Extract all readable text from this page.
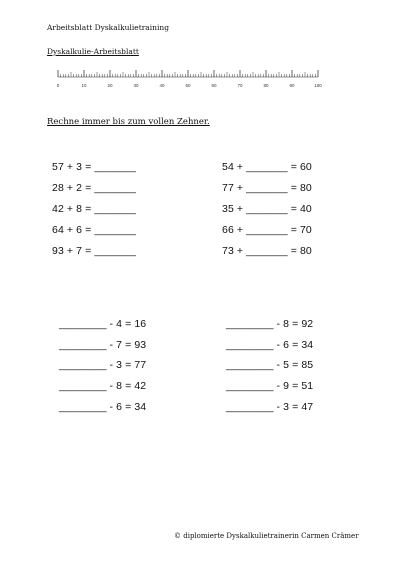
Arbeitsblatt Dyskalkulietraining
Dyskalkulie-Arbeitsblatt
0	10	20	30	40	50	60	70	80	90	100
Rechne immer bis zum vollen Zehner.
57 + 3 = _______
28 + 2 = _______
42 + 8 = _______
64 + 6 = _______
93 + 7 = _______
54 + _______ = 60
77 + _______ = 80
35 + _______ = 40
66 + _______ = 70
73 + _______ = 80
________ - 4 = 16
________ - 7 = 93
________ - 3 = 77
________ - 8 = 42
________ - 6 = 34
________ - 8 = 92
________ - 6 = 34
________ - 5 = 85
________ - 9 = 51
________ - 3 = 47
© diplomierte Dyskalkulietrainerin Carmen Crämer
